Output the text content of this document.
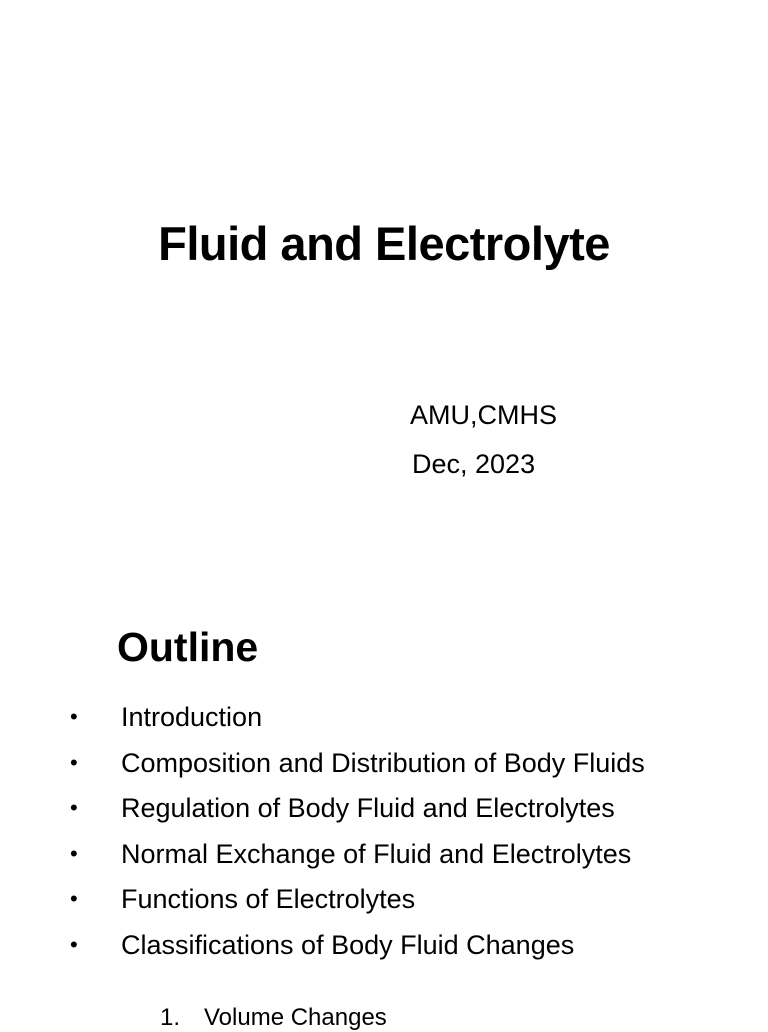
Fluid and Electrolyte

AMU,CMHS

Dec, 2023

Outline
• Introduction
• Composition and Distribution of Body Fluids
• Regulation of Body Fluid and Electrolytes
• Normal Exchange of Fluid and Electrolytes
• Functions of Electrolytes
• Classifications of Body Fluid Changes
1. Volume Changes
